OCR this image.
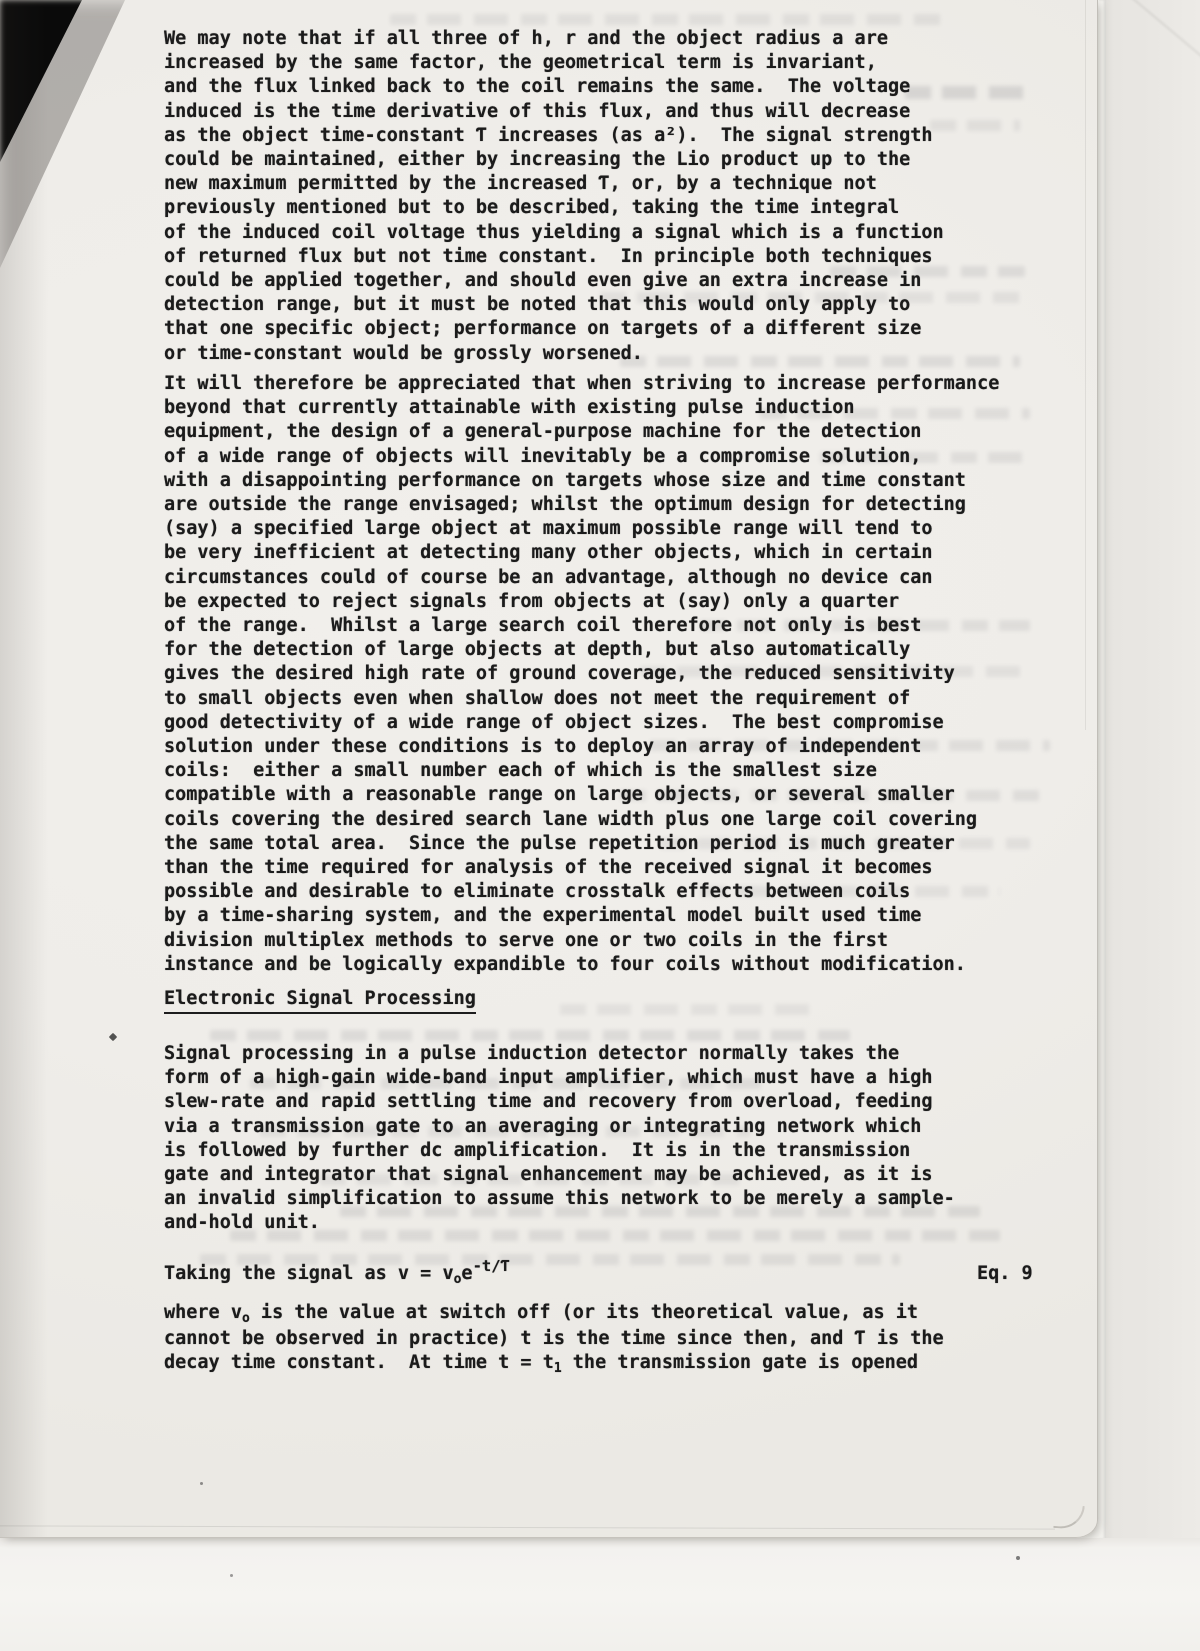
We may note that if all three of h, r and the object radius a are
increased by the same factor, the geometrical term is invariant,
and the flux linked back to the coil remains the same.  The voltage
induced is the time derivative of this flux, and thus will decrease
as the object time-constant Ƭ increases (as a²).  The signal strength
could be maintained, either by increasing the Lio product up to the
new maximum permitted by the increased Ƭ, or, by a technique not
previously mentioned but to be described, taking the time integral
of the induced coil voltage thus yielding a signal which is a function
of returned flux but not time constant.  In principle both techniques
could be applied together, and should even give an extra increase in
detection range, but it must be noted that this would only apply to
that one specific object; performance on targets of a different size
or time-constant would be grossly worsened.
It will therefore be appreciated that when striving to increase performance
beyond that currently attainable with existing pulse induction
equipment, the design of a general-purpose machine for the detection
of a wide range of objects will inevitably be a compromise solution,
with a disappointing performance on targets whose size and time constant
are outside the range envisaged; whilst the optimum design for detecting
(say) a specified large object at maximum possible range will tend to
be very inefficient at detecting many other objects, which in certain
circumstances could of course be an advantage, although no device can
be expected to reject signals from objects at (say) only a quarter
of the range.  Whilst a large search coil therefore not only is best
for the detection of large objects at depth, but also automatically
gives the desired high rate of ground coverage, the reduced sensitivity
to small objects even when shallow does not meet the requirement of
good detectivity of a wide range of object sizes.  The best compromise
solution under these conditions is to deploy an array of independent
coils:  either a small number each of which is the smallest size
compatible with a reasonable range on large objects, or several smaller
coils covering the desired search lane width plus one large coil covering
the same total area.  Since the pulse repetition period is much greater
than the time required for analysis of the received signal it becomes
possible and desirable to eliminate crosstalk effects between coils
by a time-sharing system, and the experimental model built used time
division multiplex methods to serve one or two coils in the first
instance and be logically expandible to four coils without modification.
Electronic Signal Processing
Signal processing in a pulse induction detector normally takes the
form of a high-gain wide-band input amplifier, which must have a high
slew-rate and rapid settling time and recovery from overload, feeding
via a transmission gate to an averaging or integrating network which
is followed by further dc amplification.  It is in the transmission
gate and integrator that signal enhancement may be achieved, as it is
an invalid simplification to assume this network to be merely a sample-
and-hold unit.
Taking the signal as $v = v_oe^{-t/Ƭ}$	Eq. 9
where $v_o$ is the value at switch off (or its theoretical value, as it
cannot be observed in practice) t is the time since then, and Ƭ is the
decay time constant.  At time $t = t_1$ the transmission gate is opened
